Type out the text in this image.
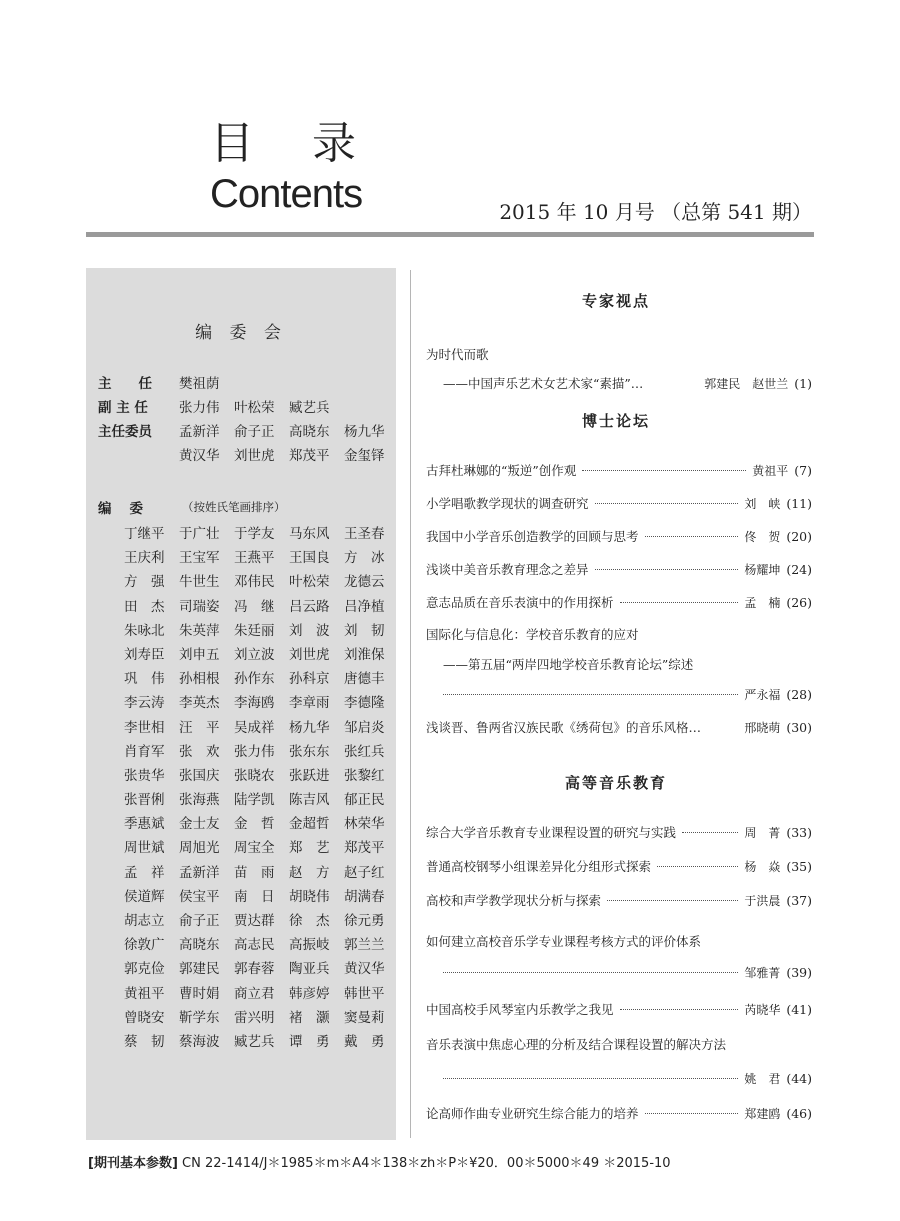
目 录
Contents	2015 年 10 月号 （总第 541 期）
编 委 会
主　　任 樊祖荫
副 主 任 张力伟 叶松荣 臧艺兵
主任委员 孟新洋 俞子正 高晓东 杨九华
黄汉华 刘世虎 郑茂平 金玺铎
编委 （按姓氏笔画排序）
丁继平 于广壮 于学友 马东风 王圣春
王庆利 王宝军 王燕平 王国良 方　冰
方　强 牛世生 邓伟民 叶松荣 龙德云
田　杰 司瑞姿 冯　继 吕云路 吕净植
朱咏北 朱英萍 朱廷丽 刘　波 刘　韧
刘寿臣 刘申五 刘立波 刘世虎 刘淮保
巩　伟 孙相根 孙作东 孙科京 唐德丰
李云涛 李英杰 李海鸥 李章雨 李德隆
李世相 汪　平 吴成祥 杨九华 邹启炎
肖育军 张　欢 张力伟 张东东 张红兵
张贵华 张国庆 张晓农 张跃进 张黎红
张晋俐 张海燕 陆学凯 陈吉风 郁正民
季惠斌 金士友 金　哲 金超哲 林荣华
周世斌 周旭光 周宝全 郑　艺 郑茂平
孟　祥 孟新洋 苗　雨 赵　方 赵子红
侯道辉 侯宝平 南　日 胡晓伟 胡满春
胡志立 俞子正 贾达群 徐　杰 徐元勇
徐敦广 高晓东 高志民 高振岐 郭兰兰
郭克俭 郭建民 郭春蓉 陶亚兵 黄汉华
黄祖平 曹时娟 商立君 韩彦婷 韩世平
曾晓安 靳学东 雷兴明 褚　灏 窦曼莉
蔡　韧 蔡海波 臧艺兵 谭　勇 戴　勇
专家视点
为时代而歌
——中国声乐艺术女艺术家“素描”…	郭建民　赵世兰 (1)
博士论坛
古拜杜琳娜的“叛逆”创作观	黄祖平 (7)
小学唱歌教学现状的调查研究	刘　峡 (11)
我国中小学音乐创造教学的回顾与思考	佟　贺 (20)
浅谈中美音乐教育理念之差异	杨耀坤 (24)
意志品质在音乐表演中的作用探析	孟　楠 (26)
国际化与信息化：学校音乐教育的应对
——第五届“两岸四地学校音乐教育论坛”综述
严永福 (28)
浅谈晋、鲁两省汉族民歌《绣荷包》的音乐风格…	邢晓萌 (30)
高等音乐教育
综合大学音乐教育专业课程设置的研究与实践	周　菁 (33)
普通高校钢琴小组课差异化分组形式探索	杨　焱 (35)
高校和声学教学现状分析与探索	于洪晨 (37)
如何建立高校音乐学专业课程考核方式的评价体系
邹雅菁 (39)
中国高校手风琴室内乐教学之我见	芮晓华 (41)
音乐表演中焦虑心理的分析及结合课程设置的解决方法
姚　君 (44)
论高师作曲专业研究生综合能力的培养	郑建鸥 (46)
[期刊基本参数] CN 22-1414/J＊1985＊m＊A4＊138＊zh＊P＊¥20．00＊5000＊49 ＊2015-10
